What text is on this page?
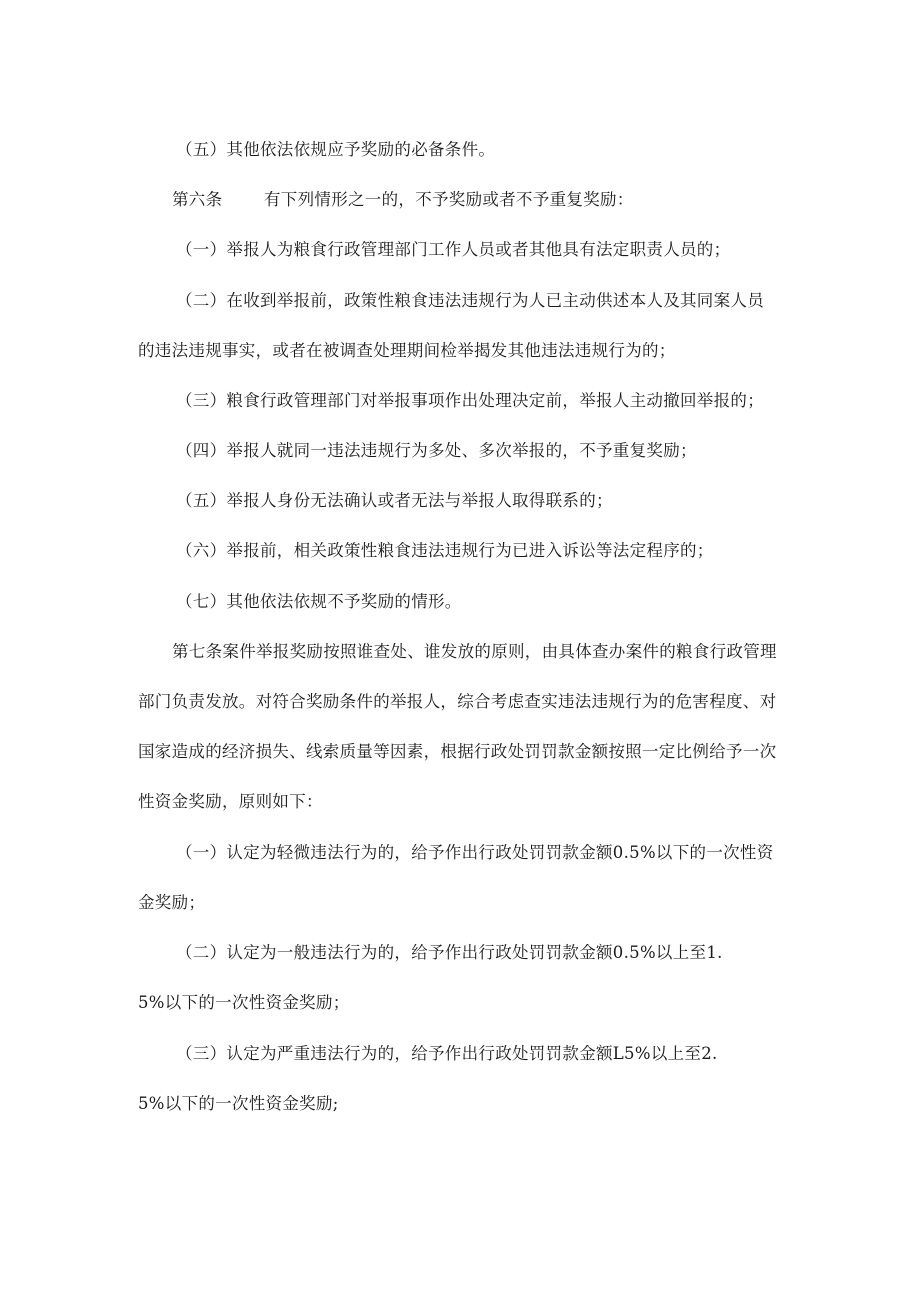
（五）其他依法依规应予奖励的必备条件。
第六条	有下列情形之一的，不予奖励或者不予重复奖励：
（一）举报人为粮食行政管理部门工作人员或者其他具有法定职责人员的；
（二）在收到举报前，政策性粮食违法违规行为人已主动供述本人及其同案人员
的违法违规事实，或者在被调查处理期间检举揭发其他违法违规行为的；
（三）粮食行政管理部门对举报事项作出处理决定前，举报人主动撤回举报的；
（四）举报人就同一违法违规行为多处、多次举报的，不予重复奖励；
（五）举报人身份无法确认或者无法与举报人取得联系的；
（六）举报前，相关政策性粮食违法违规行为已进入诉讼等法定程序的；
（七）其他依法依规不予奖励的情形。
第七条案件举报奖励按照谁查处、谁发放的原则，由具体查办案件的粮食行政管理
部门负责发放。对符合奖励条件的举报人，综合考虑查实违法违规行为的危害程度、对
国家造成的经济损失、线索质量等因素，根据行政处罚罚款金额按照一定比例给予一次
性资金奖励，原则如下：
（一）认定为轻微违法行为的，给予作出行政处罚罚款金额0.5%以下的一次性资
金奖励；
（二）认定为一般违法行为的，给予作出行政处罚罚款金额0.5%以上至1.
5%以下的一次性资金奖励；
（三）认定为严重违法行为的，给予作出行政处罚罚款金额L5%以上至2.
5%以下的一次性资金奖励;
